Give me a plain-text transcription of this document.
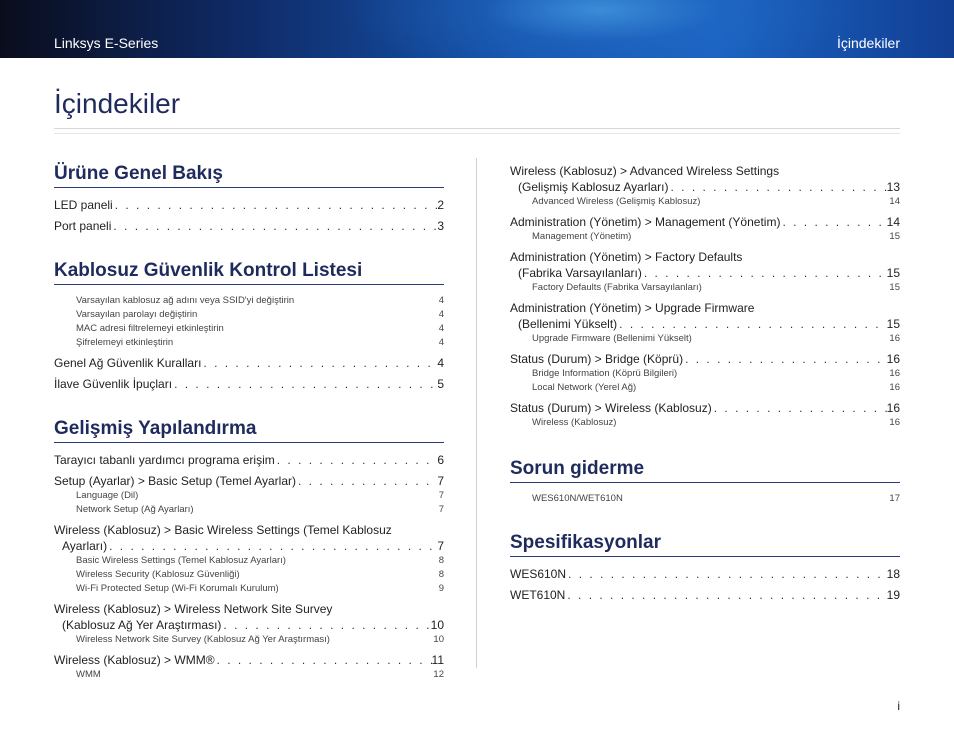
Linksys E-Series	İçindekiler
İçindekiler
Ürüne Genel Bakış
LED paneli . . .	2
Port paneli . . .	3
Kablosuz Güvenlik Kontrol Listesi
Varsayılan kablosuz ağ adını veya SSID'yi değiştirin	4
Varsayılan parolayı değiştirin	4
MAC adresi filtrelemeyi etkinleştirin	4
Şifrelemeyi etkinleştirin	4
Genel Ağ Güvenlik Kuralları . . .	4
İlave Güvenlik İpuçları . . .	5
Gelişmiş Yapılandırma
Tarayıcı tabanlı yardımcı programa erişim . . .	6
Setup (Ayarlar) > Basic Setup (Temel Ayarlar) . . .	7
Language (Dil)	7
Network Setup (Ağ Ayarları)	7
Wireless (Kablosuz) > Basic Wireless Settings (Temel Kablosuz
Ayarları) . . .	7
Basic Wireless Settings (Temel Kablosuz Ayarları)	8
Wireless Security (Kablosuz Güvenliği)	8
Wi-Fi Protected Setup (Wi-Fi Korumalı Kurulum)	9
Wireless (Kablosuz) > Wireless Network Site Survey
(Kablosuz Ağ Yer Araştırması) . . .	10
Wireless Network Site Survey (Kablosuz Ağ Yer Araştırması)	10
Wireless (Kablosuz) > WMM® . . .	11
WMM	12
Wireless (Kablosuz) > Advanced Wireless Settings
(Gelişmiş Kablosuz Ayarları) . . .	13
Advanced Wireless (Gelişmiş Kablosuz)	14
Administration (Yönetim) > Management (Yönetim) . . .	14
Management (Yönetim)	15
Administration (Yönetim) > Factory Defaults
(Fabrika Varsayılanları) . . .	15
Factory Defaults (Fabrika Varsayılanları)	15
Administration (Yönetim) > Upgrade Firmware
(Bellenimi Yükselt) . . .	15
Upgrade Firmware (Bellenimi Yükselt)	16
Status (Durum) > Bridge (Köprü) . . .	16
Bridge Information (Köprü Bilgileri)	16
Local Network (Yerel Ağ)	16
Status (Durum) > Wireless (Kablosuz) . . .	16
Wireless (Kablosuz)	16
Sorun giderme
WES610N/WET610N	17
Spesifikasyonlar
WES610N . . .	18
WET610N . . .	19
i
